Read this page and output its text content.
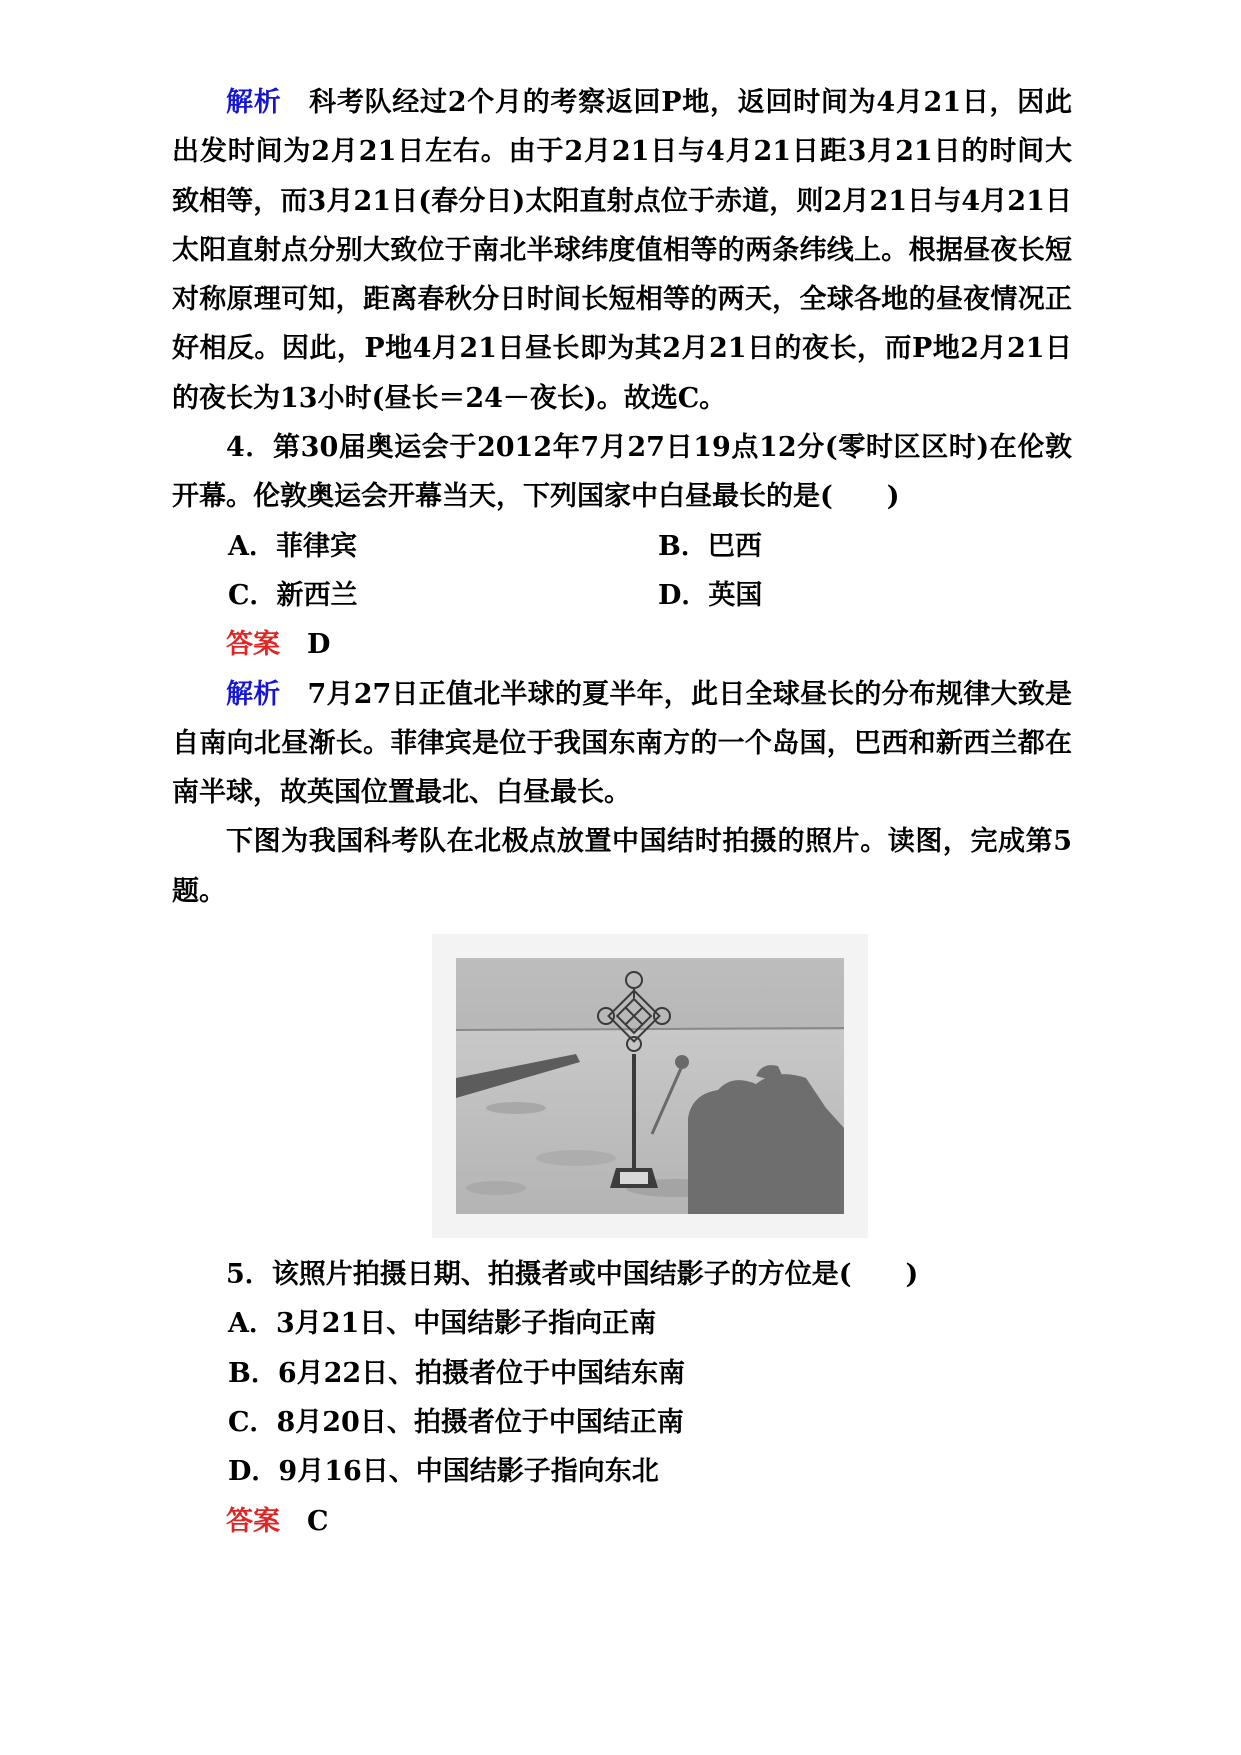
解析 科考队经过2个月的考察返回P地，返回时间为4月21日，因此出发时间为2月21日左右。由于2月21日与4月21日距3月21日的时间大致相等，而3月21日(春分日)太阳直射点位于赤道，则2月21日与4月21日太阳直射点分别大致位于南北半球纬度值相等的两条纬线上。根据昼夜长短对称原理可知，距离春秋分日时间长短相等的两天，全球各地的昼夜情况正好相反。因此，P地4月21日昼长即为其2月21日的夜长，而P地2月21日的夜长为13小时(昼长＝24－夜长)。故选C。

4．第30届奥运会于2012年7月27日19点12分(零时区区时)在伦敦开幕。伦敦奥运会开幕当天，下列国家中白昼最长的是(　　)

A．菲律宾	B．巴西
C．新西兰	D．英国

答案 D

解析 7月27日正值北半球的夏半年，此日全球昼长的分布规律大致是自南向北昼渐长。菲律宾是位于我国东南方的一个岛国，巴西和新西兰都在南半球，故英国位置最北、白昼最长。

下图为我国科考队在北极点放置中国结时拍摄的照片。读图，完成第5题。

5．该照片拍摄日期、拍摄者或中国结影子的方位是(　　)

A．3月21日、中国结影子指向正南
B．6月22日、拍摄者位于中国结东南
C．8月20日、拍摄者位于中国结正南
D．9月16日、中国结影子指向东北

答案 C
